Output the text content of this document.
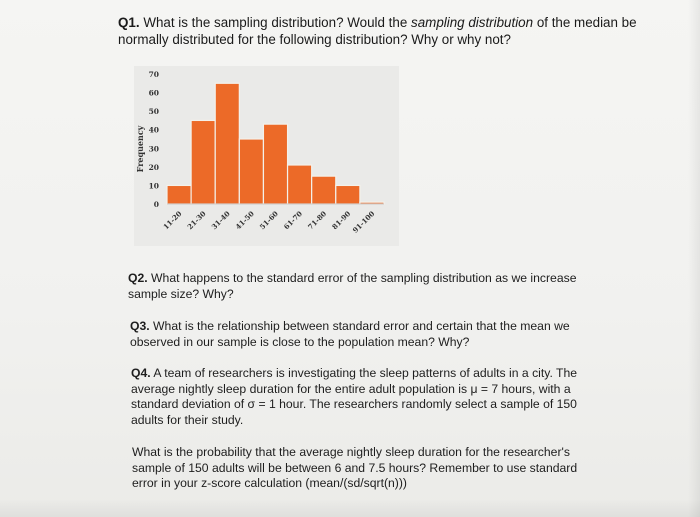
Q1. What is the sampling distribution? Would the sampling distribution of the median be normally distributed for the following distribution? Why or why not?
0
10
20
30
40
50
60
70
Frequency
11-20 21-30 31-40 41-50 51-60 61-70 71-80 81-90
91-100
Q2. What happens to the standard error of the sampling distribution as we increase sample size? Why?
Q3. What is the relationship between standard error and certain that the mean we observed in our sample is close to the population mean? Why?
Q4. A team of researchers is investigating the sleep patterns of adults in a city. The average nightly sleep duration for the entire adult population is μ = 7 hours, with a standard deviation of σ = 1 hour. The researchers randomly select a sample of 150 adults for their study.
What is the probability that the average nightly sleep duration for the researcher's sample of 150 adults will be between 6 and 7.5 hours? Remember to use standard error in your z-score calculation (mean/(sd/sqrt(n)))
